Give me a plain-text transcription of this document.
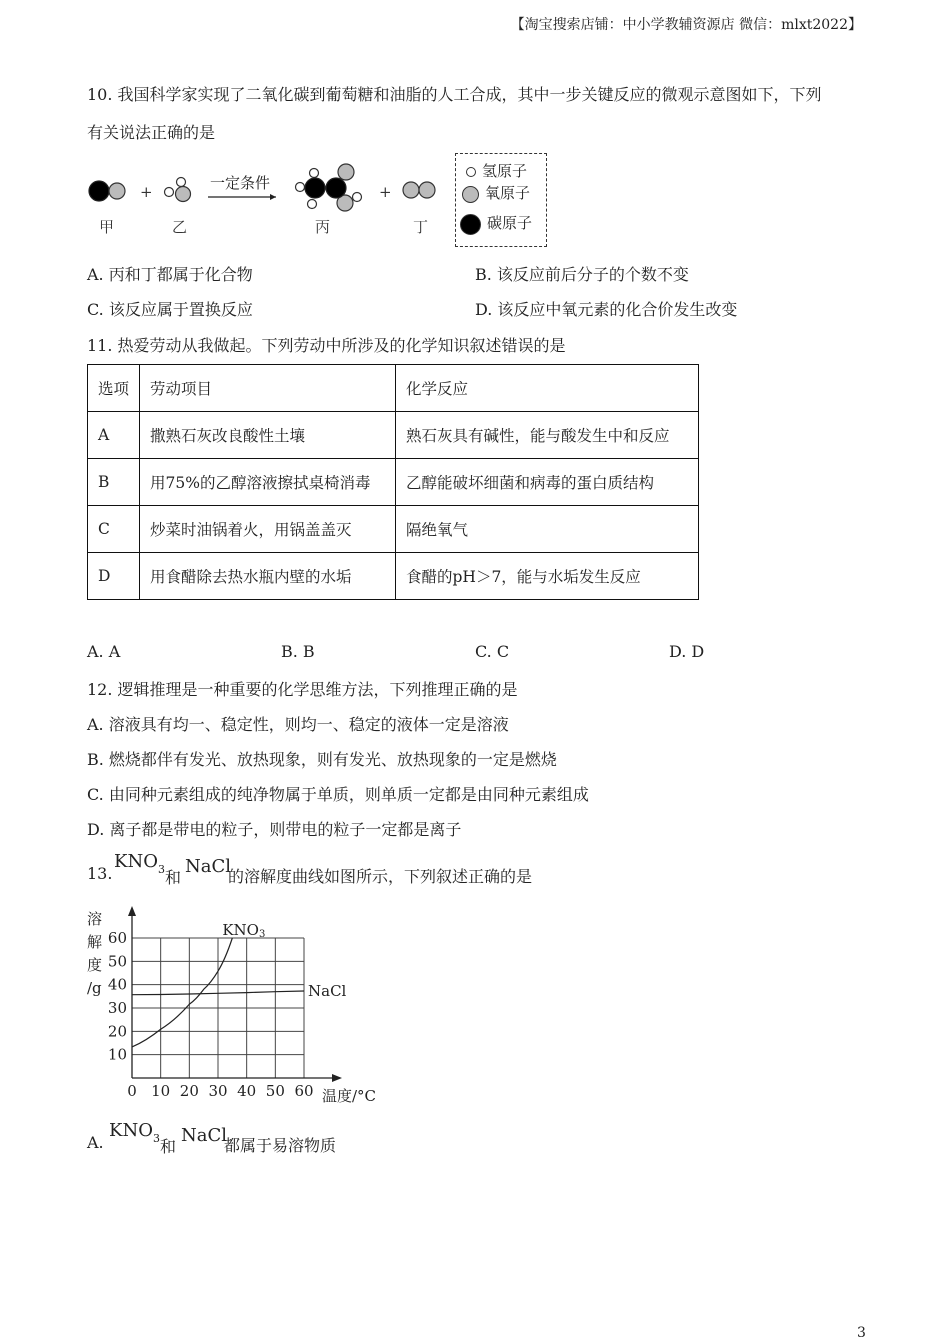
【淘宝搜索店铺：中小学教辅资源店 微信：mlxt2022】
10. 我国科学家实现了二氧化碳到葡萄糖和油脂的人工合成，其中一步关键反应的微观示意图如下，下列
有关说法正确的是
+	一定条件	+
甲	乙	丙	丁
氢原子
氧原子
碳原子
A. 丙和丁都属于化合物	B. 该反应前后分子的个数不变
C. 该反应属于置换反应	D. 该反应中氧元素的化合价发生改变
11. 热爱劳动从我做起。下列劳动中所涉及的化学知识叙述错误的是
选项	劳动项目	化学反应
A	撒熟石灰改良酸性土壤	熟石灰具有碱性，能与酸发生中和反应
B	用75%的乙醇溶液擦拭桌椅消毒	乙醇能破坏细菌和病毒的蛋白质结构
C	炒菜时油锅着火，用锅盖盖灭	隔绝氧气
D	用食醋除去热水瓶内壁的水垢	食醋的pH＞7，能与水垢发生反应
A. A	B. B	C. C	D. D
12. 逻辑推理是一种重要的化学思维方法，下列推理正确的是
A. 溶液具有均一、稳定性，则均一、稳定的液体一定是溶液
B. 燃烧都伴有发光、放热现象，则有发光、放热现象的一定是燃烧
C. 由同种元素组成的纯净物属于单质，则单质一定都是由同种元素组成
D. 离子都是带电的粒子，则带电的粒子一定都是离子
13.
$KNO_3$ 和
NaCl
的溶解度曲线如图所示，下列叙述正确的是
0 10 20 30 40 50 60
10
20
30
40
50
60
溶
解
度
/g
温度/°C
KNO3
NaCl
A.
$KNO_3$ 和
NaCl
都属于易溶物质
3
